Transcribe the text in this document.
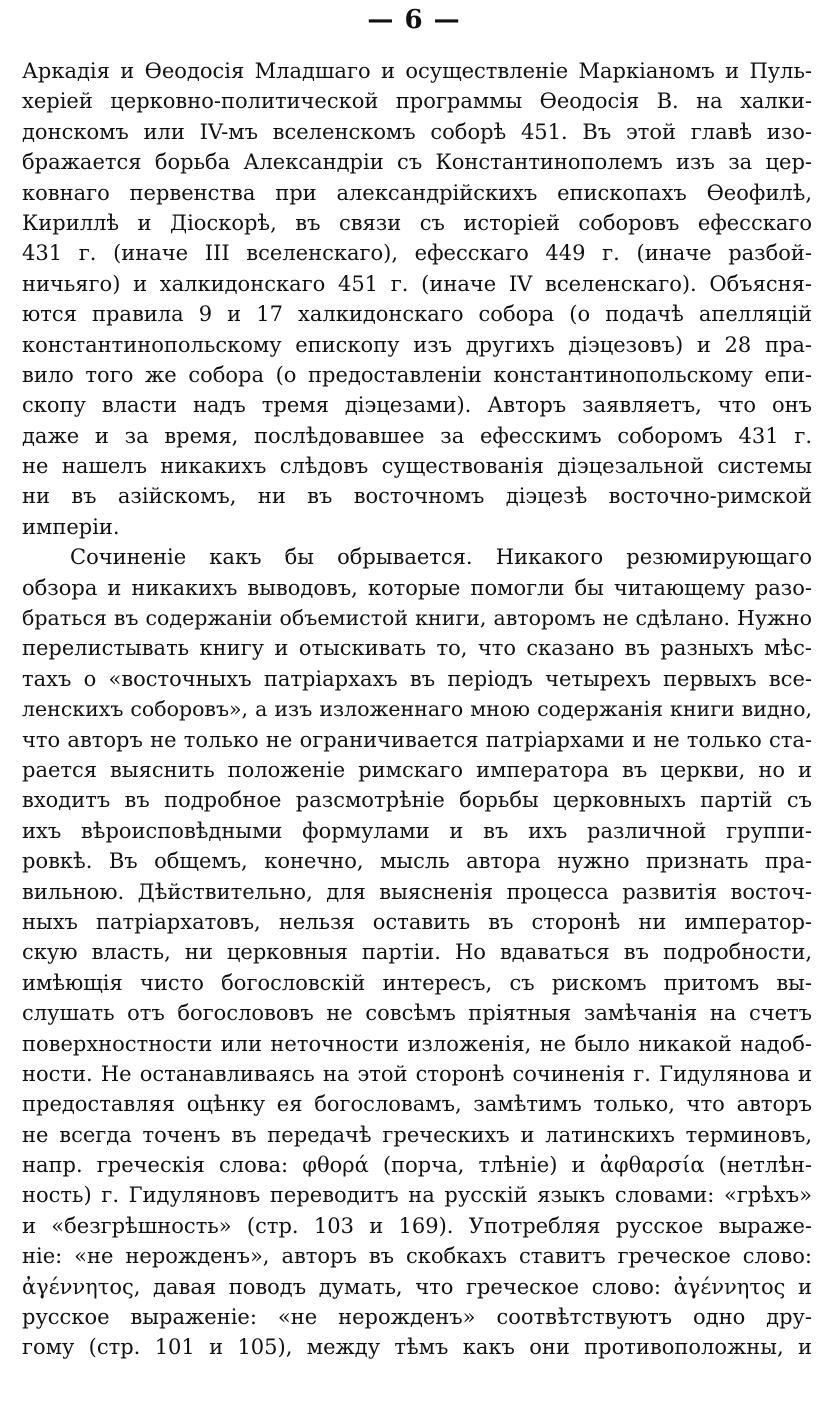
— 6 —
Аркадія и Өеодосія Младшаго и осуществленіе Маркіаномъ и Пуль-
херіей церковно-политической программы Өеодосія В. на халки-
донскомъ или IV-мъ вселенскомъ соборѣ 451. Въ этой главѣ изо-
бражается борьба Александріи съ Константинополемъ изъ за цер-
ковнаго первенства при александрійскихъ епископахъ Өеофилѣ,
Кириллѣ и Діоскорѣ, въ связи съ исторіей соборовъ ефесскаго
431 г. (иначе III вселенскаго), ефесскаго 449 г. (иначе разбой-
ничьяго) и халкидонскаго 451 г. (иначе IV вселенскаго). Объясня-
ются правила 9 и 17 халкидонскаго собора (о подачѣ апелляцій
константинопольскому епископу изъ другихъ діэцезовъ) и 28 пра-
вило того же собора (о предоставленіи константинопольскому епи-
скопу власти надъ тремя діэцезами). Авторъ заявляетъ, что онъ
даже и за время, послѣдовавшее за ефесскимъ соборомъ 431 г.
не нашелъ никакихъ слѣдовъ существованія діэцезальной системы
ни въ азійскомъ, ни въ восточномъ діэцезѣ восточно-римской
имперіи.
Сочиненіе какъ бы обрывается. Никакого резюмирующаго
обзора и никакихъ выводовъ, которые помогли бы читающему разо-
браться въ содержаніи объемистой книги, авторомъ не сдѣлано. Нужно
перелистывать книгу и отыскивать то, что сказано въ разныхъ мѣс-
тахъ о «восточныхъ патріархахъ въ періодъ четырехъ первыхъ все-
ленскихъ соборовъ», а изъ изложеннаго мною содержанія книги видно,
что авторъ не только не ограничивается патріархами и не только ста-
рается выяснить положеніе римскаго императора въ церкви, но и
входитъ въ подробное разсмотрѣніе борьбы церковныхъ партій съ
ихъ вѣроисповѣдными формулами и въ ихъ различной группи-
ровкѣ. Въ общемъ, конечно, мысль автора нужно признать пра-
вильною. Дѣйствительно, для выясненія процесса развитія восточ-
ныхъ патріархатовъ, нельзя оставить въ сторонѣ ни император-
скую власть, ни церковныя партіи. Но вдаваться въ подробности,
имѣющія чисто богословскій интересъ, съ рискомъ притомъ вы-
слушать отъ богослововъ не совсѣмъ пріятныя замѣчанія на счетъ
поверхностности или неточности изложенія, не было никакой надоб-
ности. Не останавливаясь на этой сторонѣ сочиненія г. Гидулянова и
предоставляя оцѣнку ея богословамъ, замѣтимъ только, что авторъ
не всегда точенъ въ передачѣ греческихъ и латинскихъ терминовъ,
напр. греческія слова: φθορά (порча, тлѣніе) и ἀφθαρσία (нетлѣн-
ность) г. Гидуляновъ переводитъ на русскій языкъ словами: «грѣхъ»
и «безгрѣшность» (стр. 103 и 169). Употребляя русское выраже-
ніе: «не нерожденъ», авторъ въ скобкахъ ставитъ греческое слово:
ἀγέννητος, давая поводъ думать, что греческое слово: ἀγέννητος и
русское выраженіе: «не нерожденъ» соотвѣтствуютъ одно дру-
гому (стр. 101 и 105), между тѣмъ какъ они противоположны, и
